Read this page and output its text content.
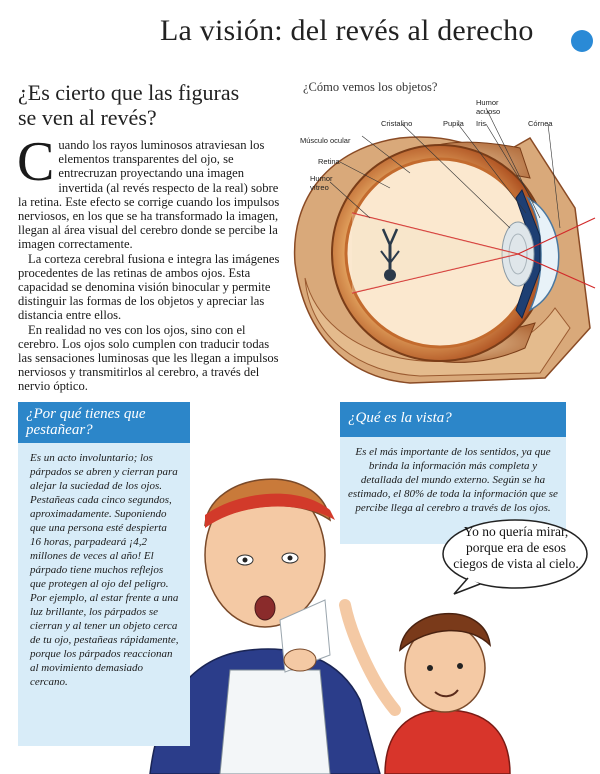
La visión: del revés al derecho
¿Es cierto que las figuras se ven al revés?

Cuando los rayos luminosos atraviesan los elementos transparentes del ojo, se entrecruzan proyectando una imagen invertida (al revés respecto de la real) sobre la retina. Este efecto se corrige cuando los impulsos nerviosos, en los que se ha transformado la imagen, llegan al área visual del cerebro donde se percibe la imagen correctamente.

La corteza cerebral fusiona e integra las imágenes procedentes de las retinas de ambos ojos. Esta capacidad se denomina visión binocular y permite distinguir las formas de los objetos y apreciar las distancia entre ellos.

En realidad no ves con los ojos, sino con el cerebro. Los ojos solo cumplen con traducir todas las sensaciones luminosas que les llegan a impulsos nerviosos y transmitirlos al cerebro, a través del nervio óptico.

¿Cómo vemos los objetos?
Humor acuoso
Cristalino	Pupila Iris	Córnea
Músculo ocular
Retina
Humor vítreo
¿Por qué tienes que pestañear?
Es un acto involuntario; los párpados se abren y cierran para alejar la suciedad de los ojos. Pestañeas cada cinco segundos, aproximadamente. Suponiendo que una persona esté despierta 16 horas, parpadeará ¡4,2 millones de veces al año! El párpado tiene muchos reflejos que protegen al ojo del peligro. Por ejemplo, al estar frente a una luz brillante, los párpados se cierran y al tener un objeto cerca de tu ojo, pestañeas rápidamente, porque los párpados reaccionan al movimiento demasiado cercano.
¿Qué es la vista?
Es el más importante de los sentidos, ya que brinda la información más completa y detallada del mundo externo. Según se ha estimado, el 80% de toda la información que se percibe llega al cerebro a través de los ojos.
Yo no quería mirar, porque era de esos ciegos de vista al cielo.
